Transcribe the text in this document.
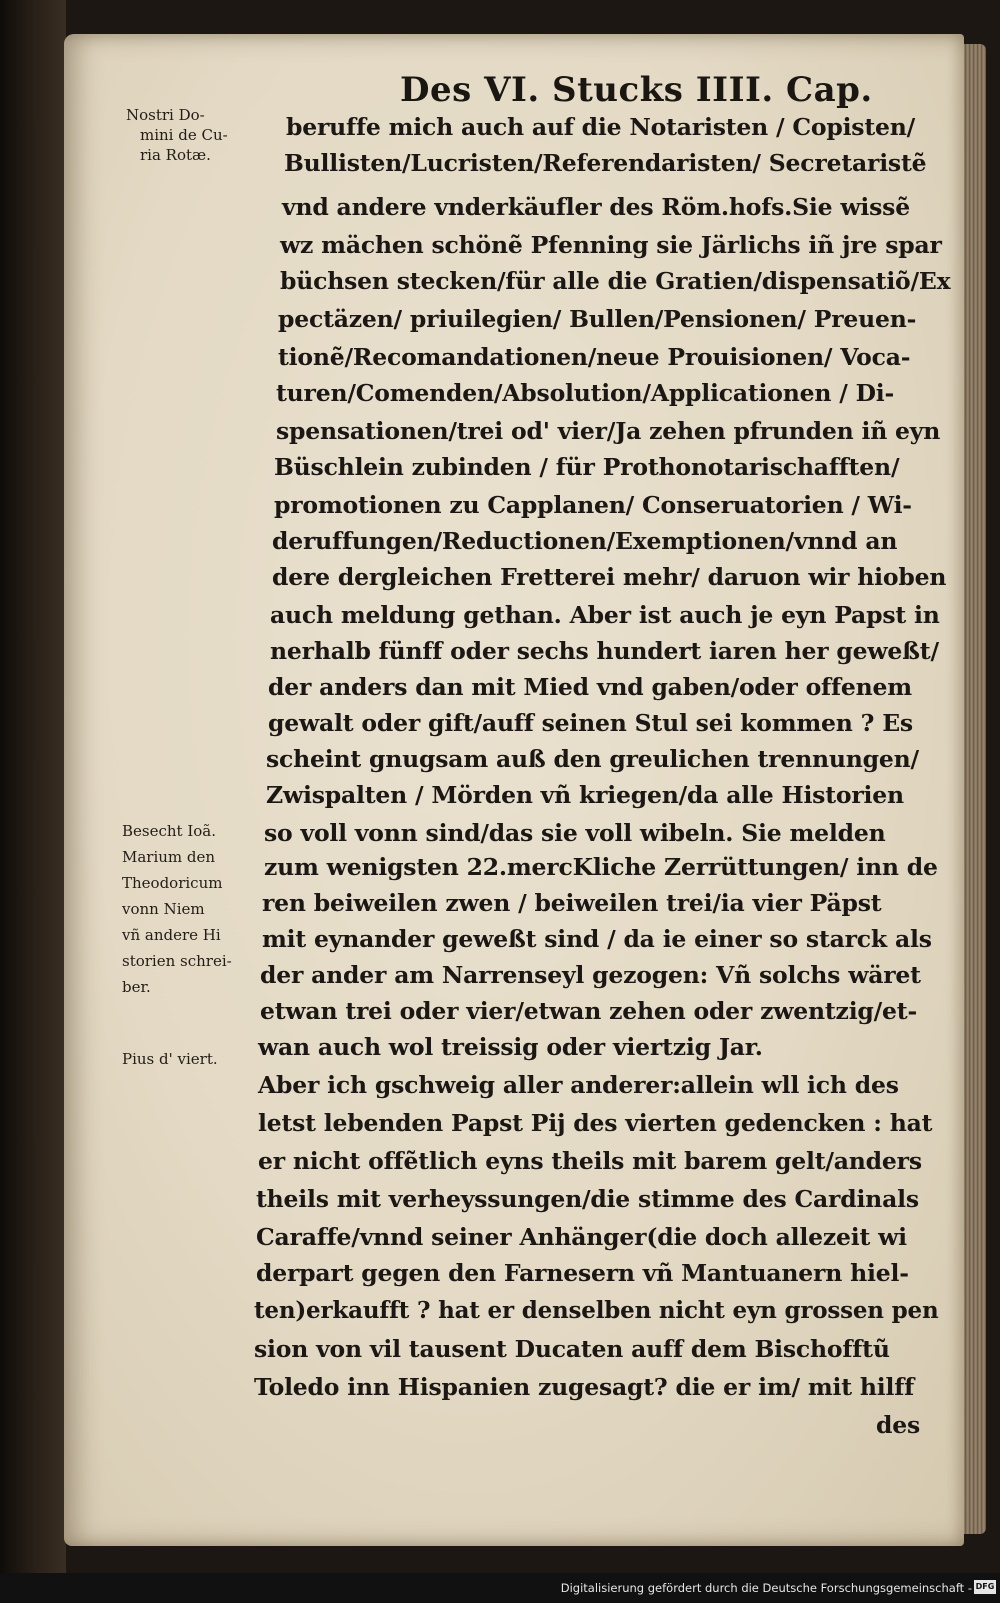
Des VI. Stucks IIII. Cap.
Nostri Do-
mini de Cu-
ria Rotæ.
Besecht Ioã.
Marium den
Theodoricum
vonn Niem
vñ andere Hi
storien schrei-
ber.
Pius d' viert.
beruffe mich auch auf die Notaristen / Copisten/
Bullisten/Lucristen/Referendaristen/ Secretaristẽ
vnd andere vnderkäufler des Röm.hofs.Sie wissẽ
wz mächen schönẽ Pfenning sie Järlichs iñ jre spar
büchsen stecken/für alle die Gratien/dispensatiõ/Ex
pectäzen/ priuilegien/ Bullen/Pensionen/ Preuen-
tionẽ/Recomandationen/neue Prouisionen/ Voca-
turen/Comenden/Absolution/Applicationen / Di-
spensationen/trei od' vier/Ja zehen pfrunden iñ eyn
Büschlein zubinden / für Prothonotarischafften/
promotionen zu Capplanen/ Conseruatorien / Wi-
deruffungen/Reductionen/Exemptionen/vnnd an
dere dergleichen Fretterei mehr/ daruon wir hioben
auch meldung gethan. Aber ist auch je eyn Papst in
nerhalb fünff oder sechs hundert iaren her geweßt/
der anders dan mit Mied vnd gaben/oder offenem
gewalt oder gift/auff seinen Stul sei kommen ? Es
scheint gnugsam auß den greulichen trennungen/
Zwispalten / Mörden vñ kriegen/da alle Historien
so voll vonn sind/das sie voll wibeln. Sie melden
zum wenigsten 22.mercKliche Zerrüttungen/ inn de
ren beiweilen zwen / beiweilen trei/ia vier Päpst
mit eynander geweßt sind / da ie einer so starck als
der ander am Narrenseyl gezogen: Vñ solchs wäret
etwan trei oder vier/etwan zehen oder zwentzig/et-
wan auch wol treissig oder viertzig Jar.
Aber ich gschweig aller anderer:allein wll ich des
letst lebenden Papst Pij des vierten gedencken : hat
er nicht offẽtlich eyns theils mit barem gelt/anders
theils mit verheyssungen/die stimme des Cardinals
Caraffe/vnnd seiner Anhänger(die doch allezeit wi
derpart gegen den Farnesern vñ Mantuanern hiel-
ten)erkaufft ? hat er denselben nicht eyn grossen pen
sion von vil tausent Ducaten auff dem Bischofftũ
Toledo inn Hispanien zugesagt? die er im/ mit hilff
des
Digitalisierung gefördert durch die Deutsche Forschungsgemeinschaft - DFG
